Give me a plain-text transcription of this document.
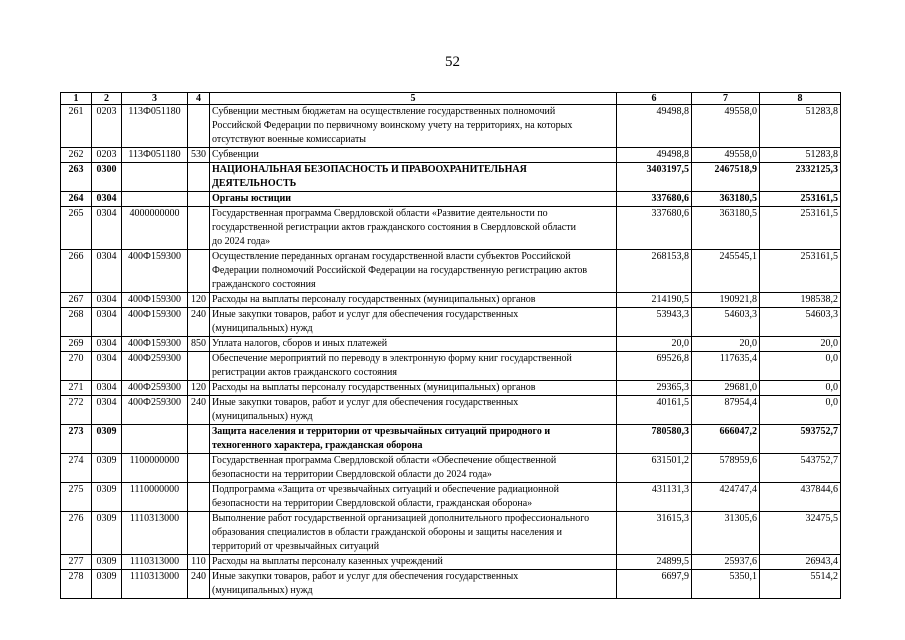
52
1	2	3	4	5	6	7	8
261	0203	113Ф051180		Субвенции местным бюджетам на осуществление государственных полномочий
Российской Федерации по первичному воинскому учету на территориях, на которых
отсутствуют военные комиссариаты	49498,8	49558,0	51283,8
262	0203	113Ф051180	530	Субвенции	49498,8	49558,0	51283,8
263	0300			НАЦИОНАЛЬНАЯ БЕЗОПАСНОСТЬ И ПРАВООХРАНИТЕЛЬНАЯ
ДЕЯТЕЛЬНОСТЬ	3403197,5	2467518,9	2332125,3
264	0304			Органы юстиции	337680,6	363180,5	253161,5
265	0304	4000000000		Государственная программа Свердловской области «Развитие деятельности по
государственной регистрации актов гражданского состояния в Свердловской области
до 2024 года»	337680,6	363180,5	253161,5
266	0304	400Ф159300		Осуществление переданных органам государственной власти субъектов Российской
Федерации полномочий Российской Федерации на государственную регистрацию актов
гражданского состояния	268153,8	245545,1	253161,5
267	0304	400Ф159300	120	Расходы на выплаты персоналу государственных (муниципальных) органов	214190,5	190921,8	198538,2
268	0304	400Ф159300	240	Иные закупки товаров, работ и услуг для обеспечения государственных
(муниципальных) нужд	53943,3	54603,3	54603,3
269	0304	400Ф159300	850	Уплата налогов, сборов и иных платежей	20,0	20,0	20,0
270	0304	400Ф259300		Обеспечение мероприятий по переводу в электронную форму книг государственной
регистрации актов гражданского состояния	69526,8	117635,4	0,0
271	0304	400Ф259300	120	Расходы на выплаты персоналу государственных (муниципальных) органов	29365,3	29681,0	0,0
272	0304	400Ф259300	240	Иные закупки товаров, работ и услуг для обеспечения государственных
(муниципальных) нужд	40161,5	87954,4	0,0
273	0309			Защита населения и территории от чрезвычайных ситуаций природного и
техногенного характера, гражданская оборона	780580,3	666047,2	593752,7
274	0309	1100000000		Государственная программа Свердловской области «Обеспечение общественной
безопасности на территории Свердловской области до 2024 года»	631501,2	578959,6	543752,7
275	0309	1110000000		Подпрограмма «Защита от чрезвычайных ситуаций и обеспечение радиационной
безопасности на территории Свердловской области, гражданская оборона»	431131,3	424747,4	437844,6
276	0309	1110313000		Выполнение работ государственной организацией дополнительного профессионального
образования специалистов в области гражданской обороны и защиты населения и
территорий от чрезвычайных ситуаций	31615,3	31305,6	32475,5
277	0309	1110313000	110	Расходы на выплаты персоналу казенных учреждений	24899,5	25937,6	26943,4
278	0309	1110313000	240	Иные закупки товаров, работ и услуг для обеспечения государственных
(муниципальных) нужд	6697,9	5350,1	5514,2
